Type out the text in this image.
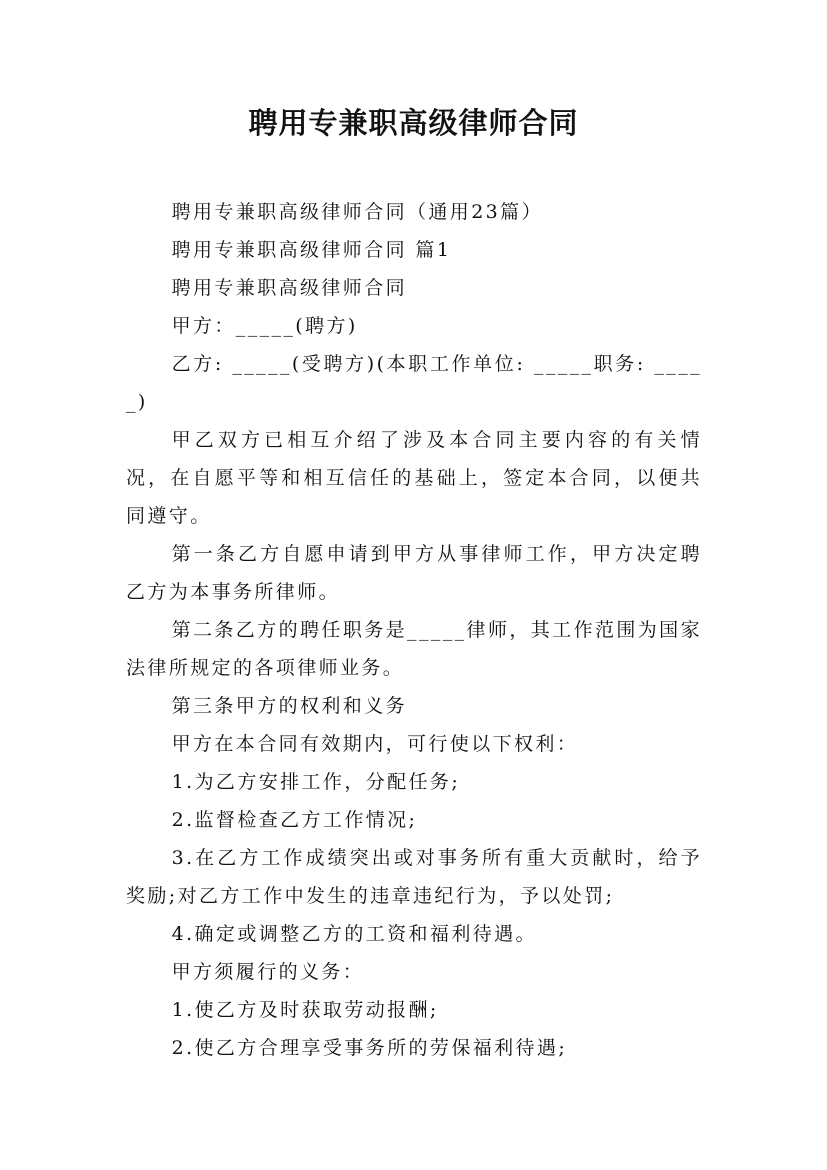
聘用专兼职高级律师合同

聘用专兼职高级律师合同（通用23篇）

聘用专兼职高级律师合同 篇1

聘用专兼职高级律师合同

甲方：_____(聘方)

乙方: _____(受聘方)(本职工作单位: _____职务: _____)

甲乙双方已相互介绍了涉及本合同主要内容的有关情况，在自愿平等和相互信任的基础上，签定本合同，以便共同遵守。

第一条乙方自愿申请到甲方从事律师工作，甲方决定聘乙方为本事务所律师。

第二条乙方的聘任职务是_____律师，其工作范围为国家法律所规定的各项律师业务。

第三条甲方的权利和义务

甲方在本合同有效期内，可行使以下权利：

1.为乙方安排工作，分配任务;

2.监督检查乙方工作情况;

3.在乙方工作成绩突出或对事务所有重大贡献时，给予奖励;对乙方工作中发生的违章违纪行为，予以处罚;

4.确定或调整乙方的工资和福利待遇。

甲方须履行的义务：

1.使乙方及时获取劳动报酬;

2.使乙方合理享受事务所的劳保福利待遇;
